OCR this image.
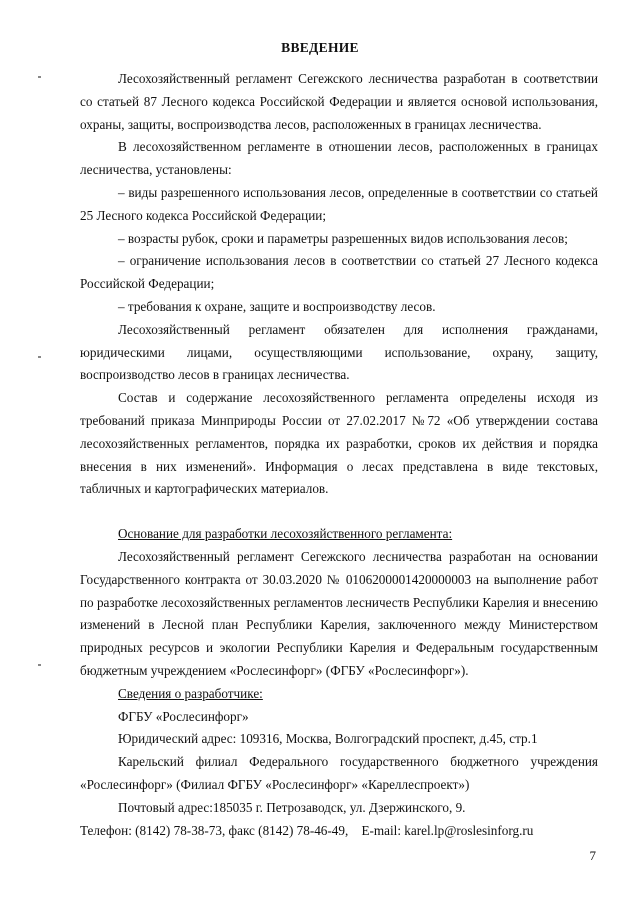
ВВЕДЕНИЕ

Лесохозяйственный регламент Сегежского лесничества разработан в соответствии со статьей 87 Лесного кодекса Российской Федерации и является основой использования, охраны, защиты, воспроизводства лесов, расположенных в границах лесничества.

В лесохозяйственном регламенте в отношении лесов, расположенных в границах лесничества, установлены:

– виды разрешенного использования лесов, определенные в соответствии со статьей 25 Лесного кодекса Российской Федерации;

– возрасты рубок, сроки и параметры разрешенных видов использования лесов;

– ограничение использования лесов в соответствии со статьей 27 Лесного кодекса Российской Федерации;

– требования к охране, защите и воспроизводству лесов.

Лесохозяйственный регламент обязателен для исполнения гражданами, юридическими лицами, осуществляющими использование, охрану, защиту, воспроизводство лесов в границах лесничества.

Состав и содержание лесохозяйственного регламента определены исходя из требований приказа Минприроды России от 27.02.2017 №72 «Об утверждении состава лесохозяйственных регламентов, порядка их разработки, сроков их действия и порядка внесения в них изменений». Информация о лесах представлена в виде текстовых, табличных и картографических материалов.

Основание для разработки лесохозяйственного регламента:

Лесохозяйственный регламент Сегежского лесничества разработан на основании Государственного контракта от 30.03.2020 № 0106200001420000003 на выполнение работ по разработке лесохозяйственных регламентов лесничеств Республики Карелия и внесению изменений в Лесной план Республики Карелия, заключенного между Министерством природных ресурсов и экологии Республики Карелия и Федеральным государственным бюджетным учреждением «Рослесинфорг» (ФГБУ «Рослесинфорг»).

Сведения о разработчике:

ФГБУ «Рослесинфорг»

Юридический адрес: 109316, Москва, Волгоградский проспект, д.45, стр.1

Карельский филиал Федерального государственного бюджетного учреждения «Рослесинфорг» (Филиал ФГБУ «Рослесинфорг» «Кареллеспроект»)

Почтовый адрес:185035 г. Петрозаводск, ул. Дзержинского, 9.

Телефон: (8142) 78-38-73, факс (8142) 78-46-49,    E-mail: karel.lp@roslesinforg.ru

7
